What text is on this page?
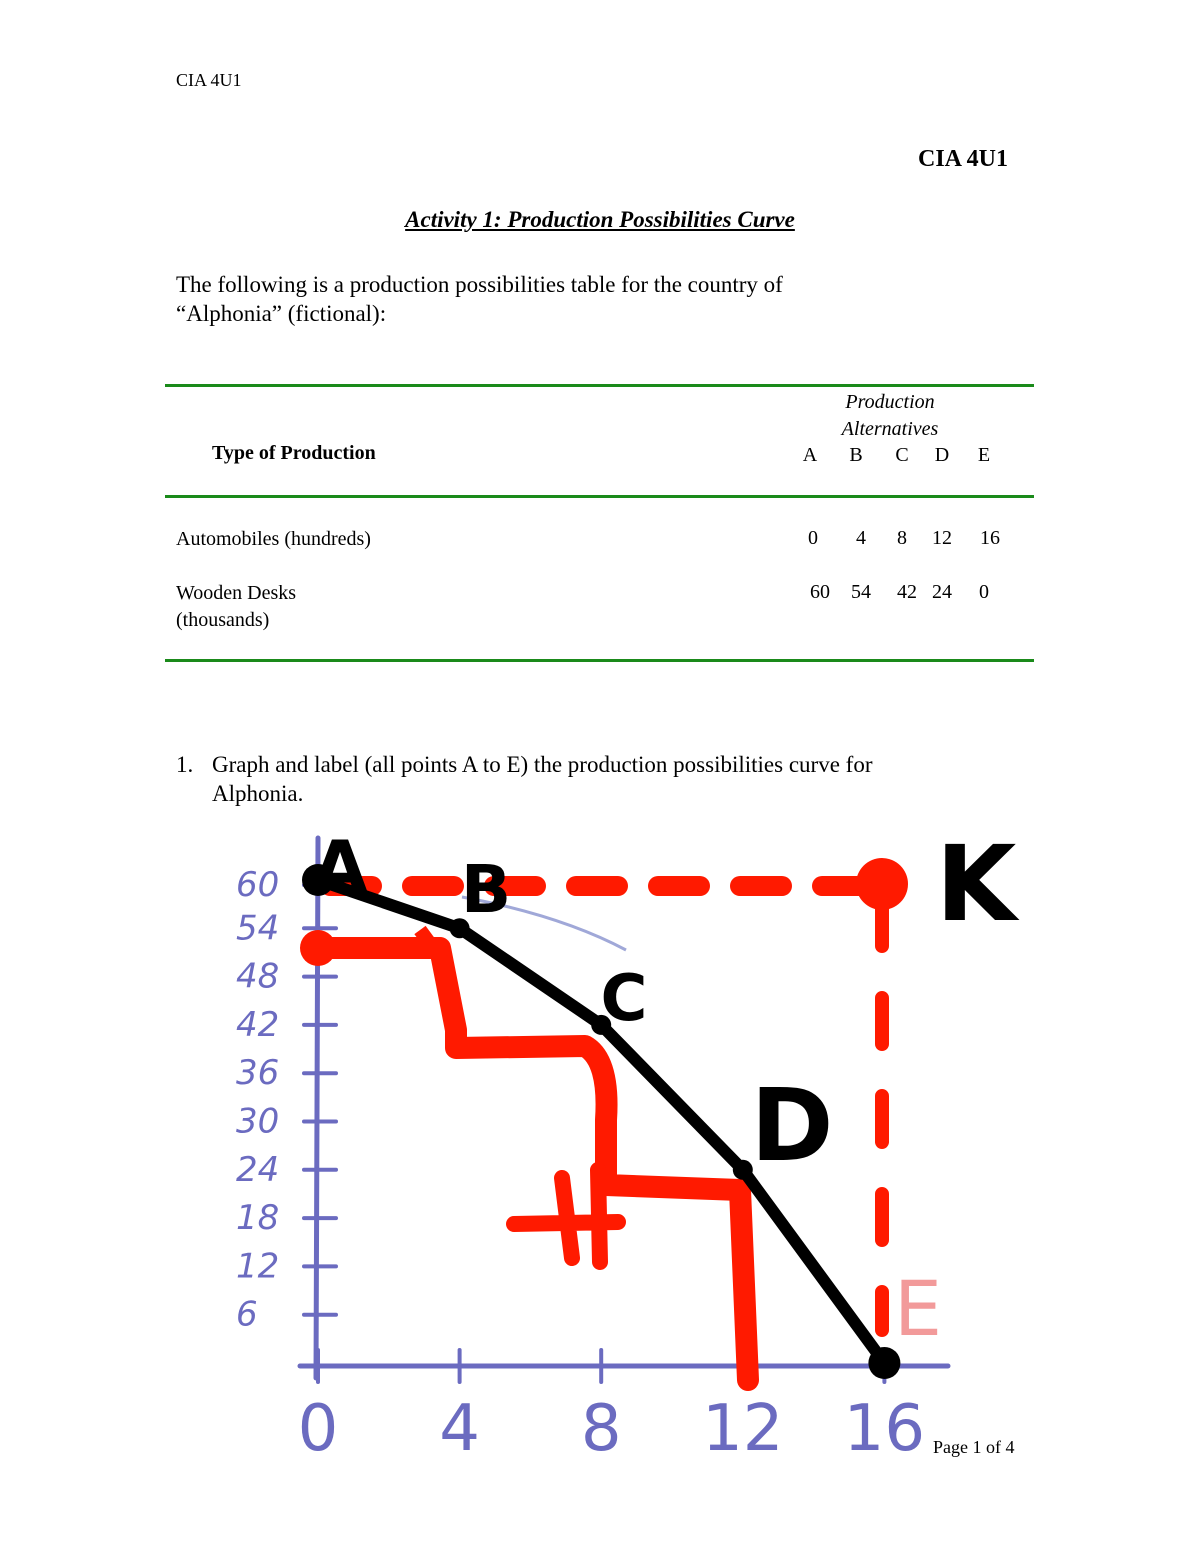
CIA 4U1
CIA 4U1
Activity 1: Production Possibilities Curve
The following is a production possibilities table for the country of
“Alphonia” (fictional):
Production
Alternatives
Type of Production	A	B	C	D	E
Automobiles (hundreds)	0	4	8	12	16
Wooden Desks
(thousands)
60	54	42 24	0
1. Graph and label (all points A to E) the production possibilities curve for
Alphonia.
60
54
48
42
36
30
24
18
12
6
0 4 8 12 16
A B
C
D
K
E
Page 1 of 4
